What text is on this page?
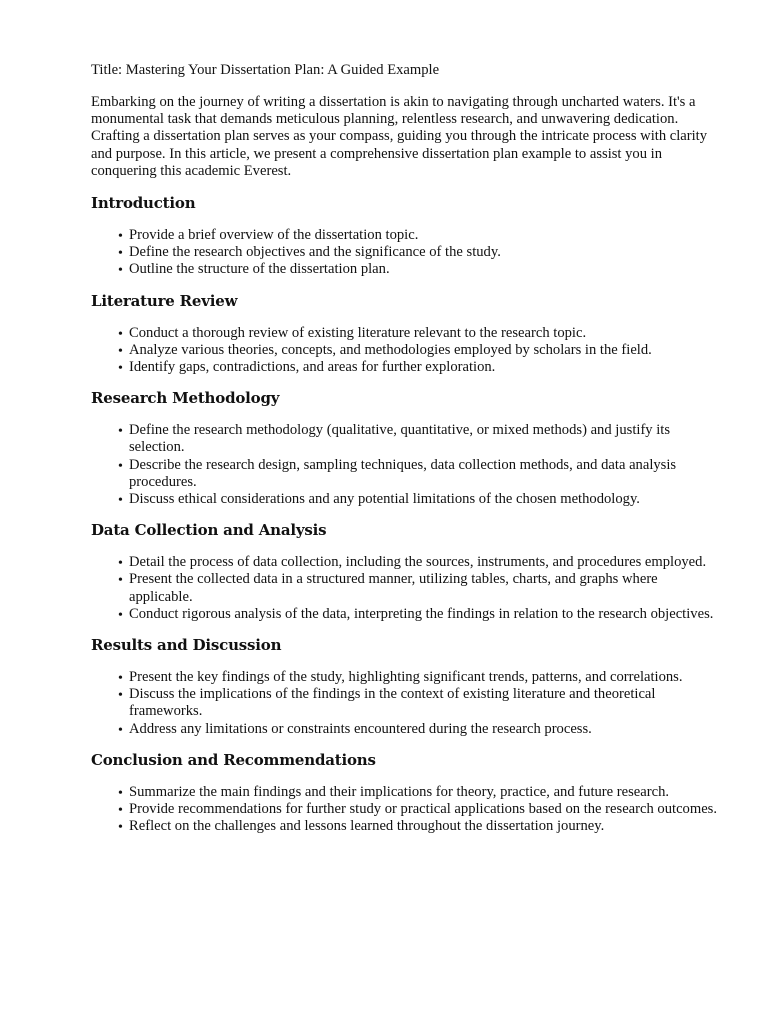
Title: Mastering Your Dissertation Plan: A Guided Example

Embarking on the journey of writing a dissertation is akin to navigating through uncharted waters. It's a monumental task that demands meticulous planning, relentless research, and unwavering dedication. Crafting a dissertation plan serves as your compass, guiding you through the intricate process with clarity and purpose. In this article, we present a comprehensive dissertation plan example to assist you in conquering this academic Everest.

Introduction
• Provide a brief overview of the dissertation topic.
• Define the research objectives and the significance of the study.
• Outline the structure of the dissertation plan.
Literature Review
• Conduct a thorough review of existing literature relevant to the research topic.
• Analyze various theories, concepts, and methodologies employed by scholars in the field.
• Identify gaps, contradictions, and areas for further exploration.
Research Methodology
• Define the research methodology (qualitative, quantitative, or mixed methods) and justify its selection.
• Describe the research design, sampling techniques, data collection methods, and data analysis procedures.
• Discuss ethical considerations and any potential limitations of the chosen methodology.
Data Collection and Analysis
• Detail the process of data collection, including the sources, instruments, and procedures employed.
• Present the collected data in a structured manner, utilizing tables, charts, and graphs where applicable.
• Conduct rigorous analysis of the data, interpreting the findings in relation to the research objectives.
Results and Discussion
• Present the key findings of the study, highlighting significant trends, patterns, and correlations.
• Discuss the implications of the findings in the context of existing literature and theoretical frameworks.
• Address any limitations or constraints encountered during the research process.
Conclusion and Recommendations
• Summarize the main findings and their implications for theory, practice, and future research.
• Provide recommendations for further study or practical applications based on the research outcomes.
• Reflect on the challenges and lessons learned throughout the dissertation journey.
